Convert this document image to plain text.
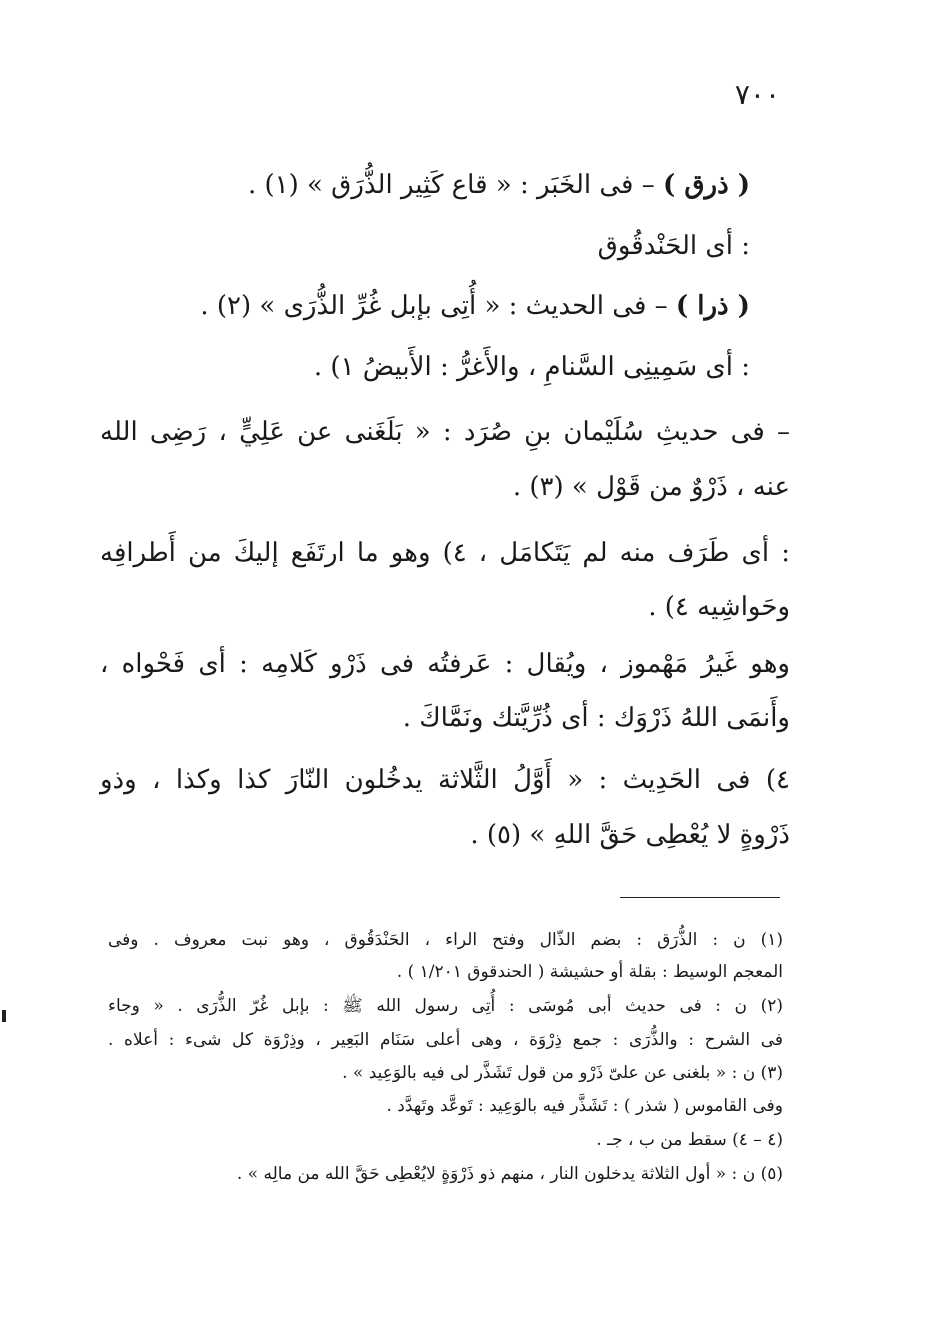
٧٠٠
( ذرق ) – فى الخَبَر : « قاع كَثِير الذُّرَق » (١) .
: أى الحَنْدقُوق
( ذرا ) – فى الحديث : « أُتِى بإبل غُرِّ الذُّرَى » (٢) .
: أى سَمِينِى السَّنامِ ، والأَغرُّ : الأَبيضُ ١) .
– فى حديثِ سُلَيْمان بنِ صُرَد : « بَلَغَنى عن عَلِيٍّ ، رَضِى الله
عنه ، ذَرْوٌ من قَوْل » (٣) .
: أى طَرَف منه لم يَتَكامَل ، ٤) وهو ما ارتَفَع إليكَ من أَطرافِه
وحَواشِيه ٤) .
وهو غَيرُ مَهْموز ، ويُقال : عَرفتُه فى ذَرْو كَلامِه : أى فَحْواه ،
وأَنمَى اللهُ ذَرْوَك : أى ذُرِّيَّتك ونَمَّاكَ .
٤) فى الحَدِيث : « أَوَّلُ الثَّلاثة يدخُلون النّارَ كذا وكذا ، وذو
ذَرْوةٍ لا يُعْطِى حَقَّ اللهِ » (٥) .
(١) ن : الذُّرَق : بضم الذّال وفتح الراء ، الحَنْدَقُوق ، وهو نبت معروف . وفى
المعجم الوسيط : بقلة أو حشيشة ( الحندقوق ١/٢٠١ ) .
(٢) ن : فى حديث أبى مُوسَى : أُتِى رسول الله ﷺ : بإبل غُرّ الذُّرَى . « وجاء
فى الشرح : والذُّرَى : جمع ذِرْوَة ، وهى أعلى سَنَام البَعِير ، وذِرْوَة كل شىء : أعلاه .
(٣) ن : « بلغنى عن علىّ ذَرْو من قول تَشَذَّر لى فيه بالوَعِيد » .
وفى القاموس ( شذر ) : تَشَذَّر فيه بالوَعِيد : تَوعَّد وتَهدَّد .
(٤ – ٤) سقط من ب ، جـ .
(٥) ن : « أول الثلاثة يدخلون النار ، منهم ذو ذَرْوَةٍ لايُعْطِى حَقَّ الله من مالِه » .
